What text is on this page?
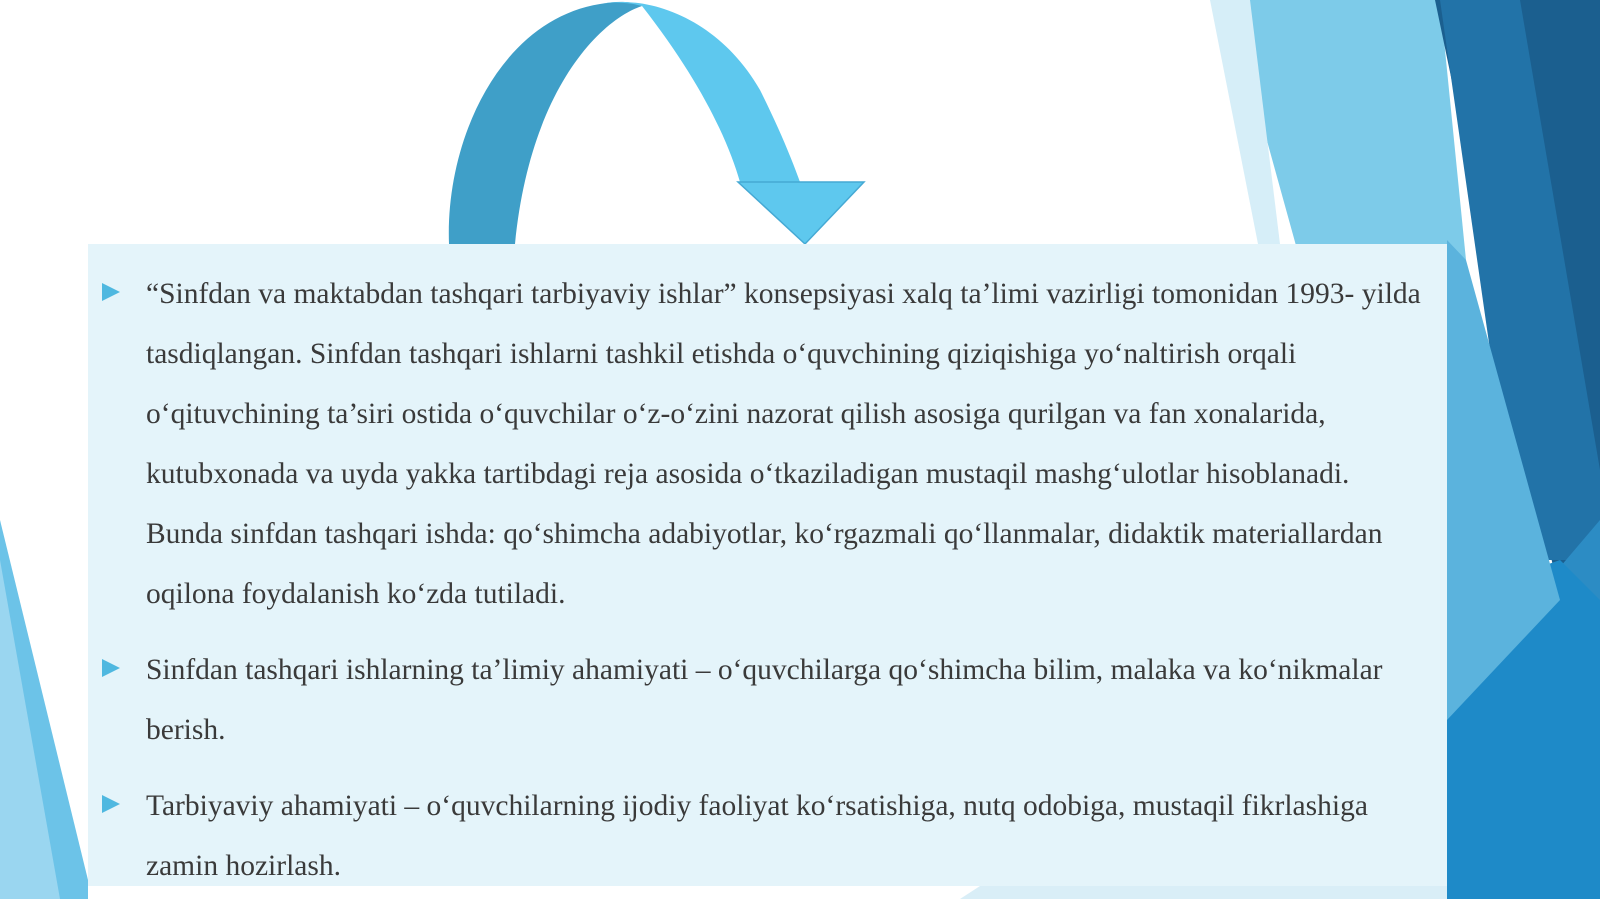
“Sinfdan va maktabdan tashqari tarbiyaviy ishlar” konsepsiyasi xalq ta’limi vazirligi tomonidan 1993- yilda tasdiqlangan. Sinfdan tashqari ishlarni tashkil etishda o‘quvchining qiziqishiga yo‘naltirish orqali o‘qituvchining ta’siri ostida o‘quvchilar o‘z-o‘zini nazorat qilish asosiga qurilgan va fan xonalarida, kutubxonada va uyda yakka tartibdagi reja asosida o‘tkaziladigan mustaqil mashg‘ulotlar hisoblanadi. Bunda sinfdan tashqari ishda: qo‘shimcha adabiyotlar, ko‘rgazmali qo‘llanmalar, didaktik materiallardan oqilona foydalanish ko‘zda tutiladi.
Sinfdan tashqari ishlarning ta’limiy ahamiyati – o‘quvchilarga qo‘shimcha bilim, malaka va ko‘nikmalar berish.
Tarbiyaviy ahamiyati – o‘quvchilarning ijodiy faoliyat ko‘rsatishiga, nutq odobiga, mustaqil fikrlashiga zamin hozirlash.
